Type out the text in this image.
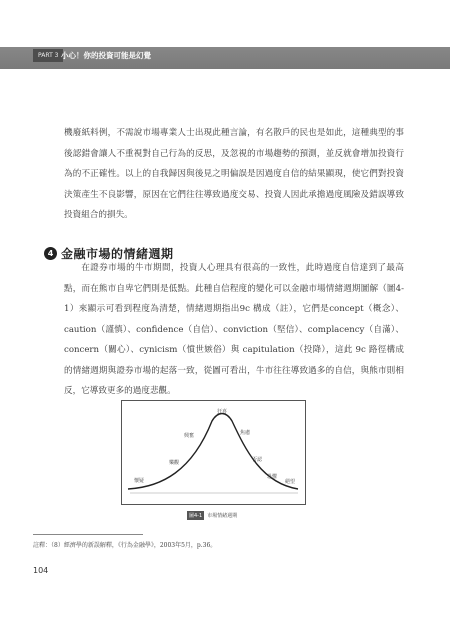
PART 3 小心！你的投資可能是幻覺

機廢紙料例，不需說市場專業人士出現此種言論，有名散戶的民也是如此，這種典型的事後認錯會讓人不重視對自己行為的反思，及忽視的市場趨勢的預測，並反就會增加投資行為的不正確性。以上的自我歸因與後見之明偏誤是因過度自信的結果顯現，使它們對投資決策產生不良影響，原因在它們往往導致過度交易、投資人因此承擔過度風險及錯誤導致投資組合的損失。

4 金融市場的情緒週期

在證券市場的牛市期間，投資人心理具有很高的一致性，此時過度自信達到了最高點，而在熊市自卑它們則是低點。此種自信程度的變化可以金融市場情緒週期圖解（圖4-1）來顯示可看到程度為清楚，情緒週期指出9c 構成（註），它們是concept（概念）、caution（謹慎）、confidence（自信）、conviction（堅信）、complacency（自滿）、concern（關心）、cynicism（憤世嫉俗）與 capitulation（投降），這此 9c 路徑構成的情緒週期與證券市場的起落一致，從圖可看出，牛市往往導致過多的自信，與熊市則相反，它導致更多的過度悲觀。

懷疑
樂觀
興奮
狂喜
焦慮
否認
恐懼
絕望
圖4-1	市場情緒週期
註釋：（8）經濟學的新誤解釋，《行為金融學》，2003年5月，p.36。
104
